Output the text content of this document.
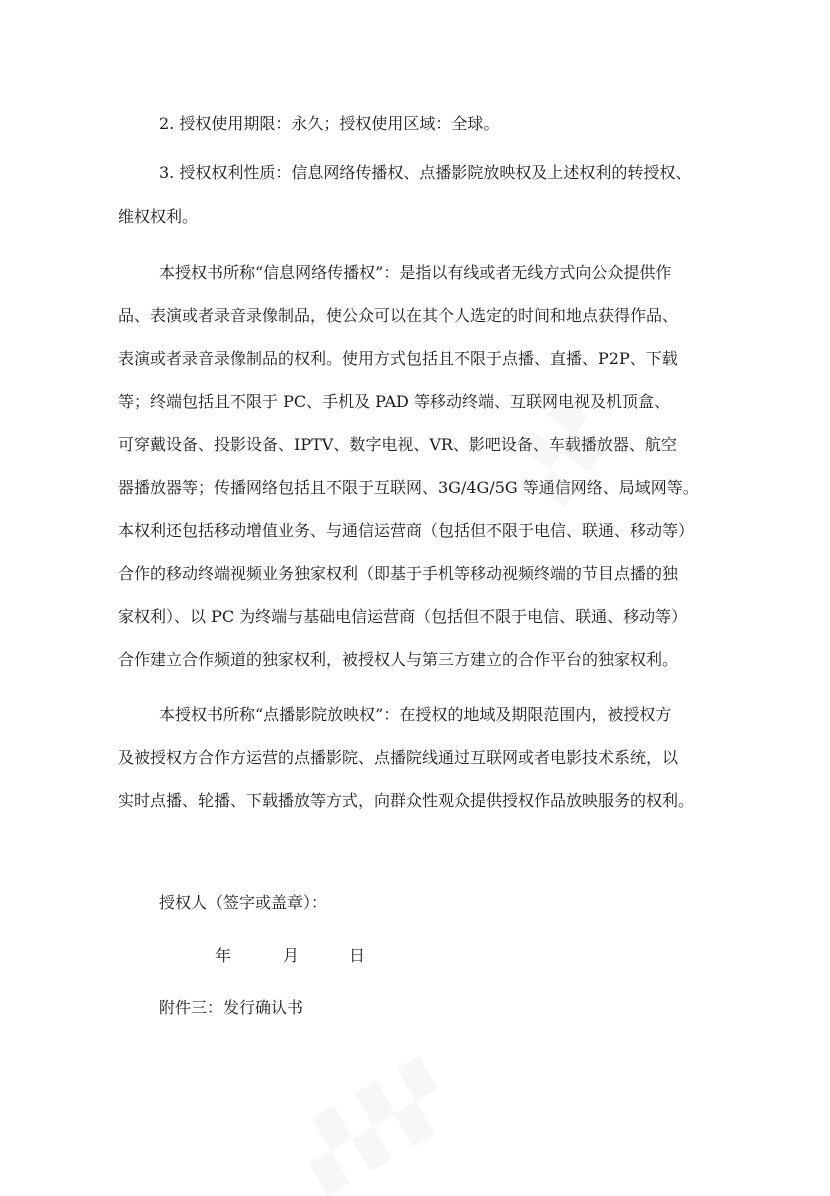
2. 授权使用期限：永久；授权使用区域：全球。
3. 授权权利性质：信息网络传播权、点播影院放映权及上述权利的转授权、
维权权利。
本授权书所称“信息网络传播权”：是指以有线或者无线方式向公众提供作
品、表演或者录音录像制品，使公众可以在其个人选定的时间和地点获得作品、
表演或者录音录像制品的权利。使用方式包括且不限于点播、直播、P2P、下载
等；终端包括且不限于 PC、手机及 PAD 等移动终端、互联网电视及机顶盒、
可穿戴设备、投影设备、IPTV、数字电视、VR、影吧设备、车载播放器、航空
器播放器等；传播网络包括且不限于互联网、3G/4G/5G 等通信网络、局域网等。
本权利还包括移动增值业务、与通信运营商（包括但不限于电信、联通、移动等）
合作的移动终端视频业务独家权利（即基于手机等移动视频终端的节目点播的独
家权利）、以 PC 为终端与基础电信运营商（包括但不限于电信、联通、移动等）
合作建立合作频道的独家权利，被授权人与第三方建立的合作平台的独家权利。
本授权书所称“点播影院放映权”：在授权的地域及期限范围内，被授权方
及被授权方合作方运营的点播影院、点播院线通过互联网或者电影技术系统，以
实时点播、轮播、下载播放等方式，向群众性观众提供授权作品放映服务的权利。
授权人（签字或盖章）：
年	月	日
附件三：发行确认书
▞▞
▞▞▞
